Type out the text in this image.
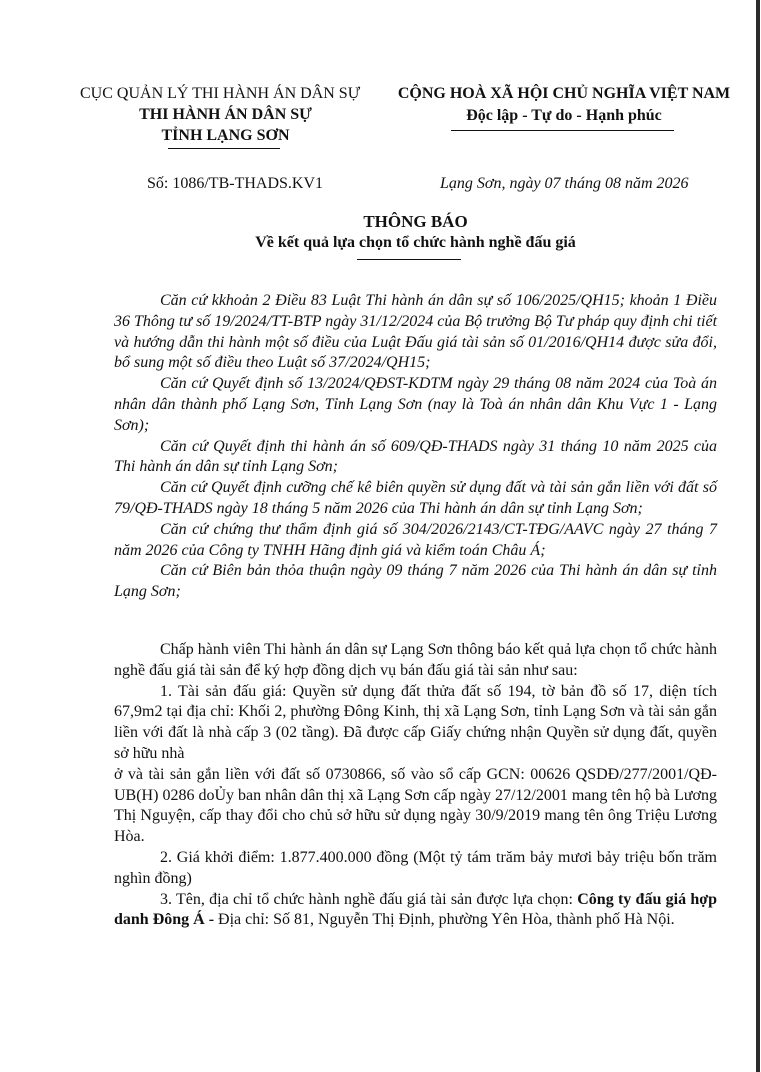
CỤC QUẢN LÝ THI HÀNH ÁN DÂN SỰ
THI HÀNH ÁN DÂN SỰ
TỈNH LẠNG SƠN
CỘNG HOÀ XÃ HỘI CHỦ NGHĨA VIỆT NAM
Độc lập - Tự do - Hạnh phúc
Số: 1086/TB-THADS.KV1	Lạng Sơn, ngày 07 tháng 08 năm 2026
THÔNG BÁO
Về kết quả lựa chọn tổ chức hành nghề đấu giá

Căn cứ kkhoản 2 Điều 83 Luật Thi hành án dân sự số 106/2025/QH15; khoản 1 Điều 36 Thông tư số 19/2024/TT-BTP ngày 31/12/2024 của Bộ trưởng Bộ Tư pháp quy định chi tiết và hướng dẫn thi hành một số điều của Luật Đấu giá tài sản số 01/2016/QH14 được sửa đổi, bổ sung một số điều theo Luật số 37/2024/QH15;

Căn cứ Quyết định số 13/2024/QĐST-KDTM ngày 29 tháng 08 năm 2024 của Toà án nhân dân thành phố Lạng Sơn, Tỉnh Lạng Sơn (nay là Toà án nhân dân Khu Vực 1 - Lạng Sơn);

Căn cứ Quyết định thi hành án số 609/QĐ-THADS ngày 31 tháng 10 năm 2025 của Thi hành án dân sự tỉnh Lạng Sơn;

Căn cứ Quyết định cưỡng chế kê biên quyền sử dụng đất và tài sản gắn liền với đất số 79/QĐ-THADS ngày 18 tháng 5 năm 2026 của Thi hành án dân sự tỉnh Lạng Sơn;

Căn cứ chứng thư thẩm định giá số 304/2026/2143/CT-TĐG/AAVC ngày 27 tháng 7 năm 2026 của Công ty TNHH Hãng định giá và kiểm toán Châu Á;

Căn cứ Biên bản thỏa thuận ngày 09 tháng 7 năm 2026 của Thi hành án dân sự tỉnh Lạng Sơn;

Chấp hành viên Thi hành án dân sự Lạng Sơn thông báo kết quả lựa chọn tổ chức hành nghề đấu giá tài sản để ký hợp đồng dịch vụ bán đấu giá tài sản như sau:

1. Tài sản đấu giá: Quyền sử dụng đất thửa đất số 194, tờ bản đồ số 17, diện tích 67,9m2 tại địa chỉ: Khối 2, phường Đông Kinh, thị xã Lạng Sơn, tỉnh Lạng Sơn và tài sản gắn liền với đất là nhà cấp 3 (02 tầng). Đã được cấp Giấy chứng nhận Quyền sử dụng đất, quyền sở hữu nhà

ở và tài sản gắn liền với đất số 0730866, số vào sổ cấp GCN: 00626 QSDĐ/277/2001/QĐ-UB(H) 0286 doỦy ban nhân dân thị xã Lạng Sơn cấp ngày 27/12/2001 mang tên hộ bà Lương Thị Nguyện, cấp thay đổi cho chủ sở hữu sử dụng ngày 30/9/2019 mang tên ông Triệu Lương Hòa.

2. Giá khởi điểm: 1.877.400.000 đồng (Một tỷ tám trăm bảy mươi bảy triệu bốn trăm nghìn đồng)

3. Tên, địa chỉ tổ chức hành nghề đấu giá tài sản được lựa chọn: Công ty đấu giá hợp danh Đông Á - Địa chỉ: Số 81, Nguyễn Thị Định, phường Yên Hòa, thành phố Hà Nội.
